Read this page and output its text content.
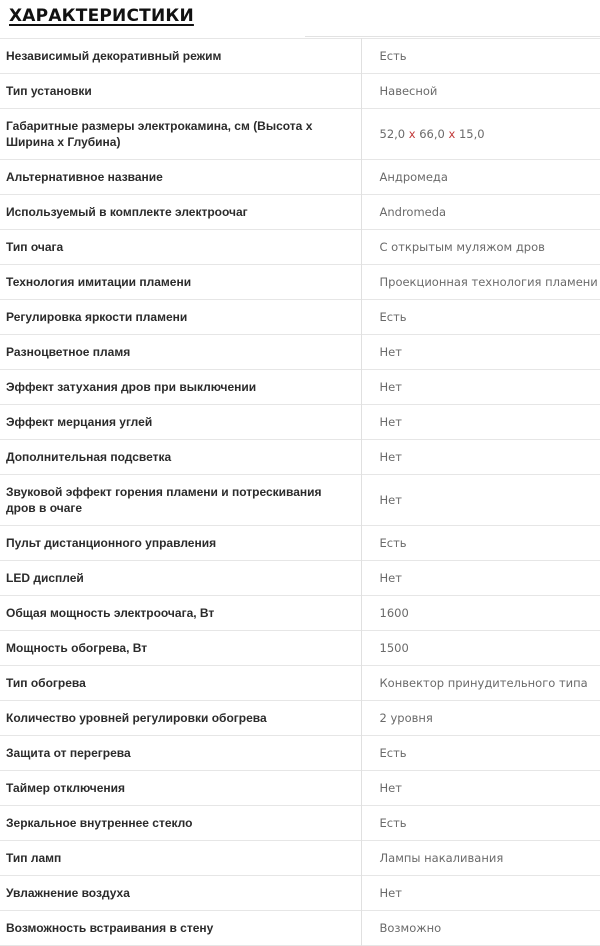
ХАРАКТЕРИСТИКИ
Независимый декоративный режим	Есть
Тип установки	Навесной
Габаритные размеры электрокамина, см (Высота x Ширина x Глубина)	52,0 x 66,0 x 15,0
Альтернативное название	Андромеда
Используемый в комплекте электроочаг	Andromeda
Тип очага	С открытым муляжом дров
Технология имитации пламени	Проекционная технология пламени
Регулировка яркости пламени	Есть
Разноцветное пламя	Нет
Эффект затухания дров при выключении	Нет
Эффект мерцания углей	Нет
Дополнительная подсветка	Нет
Звуковой эффект горения пламени и потрескивания дров в очаге	Нет
Пульт дистанционного управления	Есть
LED дисплей	Нет
Общая мощность электроочага, Вт	1600
Мощность обогрева, Вт	1500
Тип обогрева	Конвектор принудительного типа
Количество уровней регулировки обогрева	2 уровня
Защита от перегрева	Есть
Таймер отключения	Нет
Зеркальное внутреннее стекло	Есть
Тип ламп	Лампы накаливания
Увлажнение воздуха	Нет
Возможность встраивания в стену	Возможно
